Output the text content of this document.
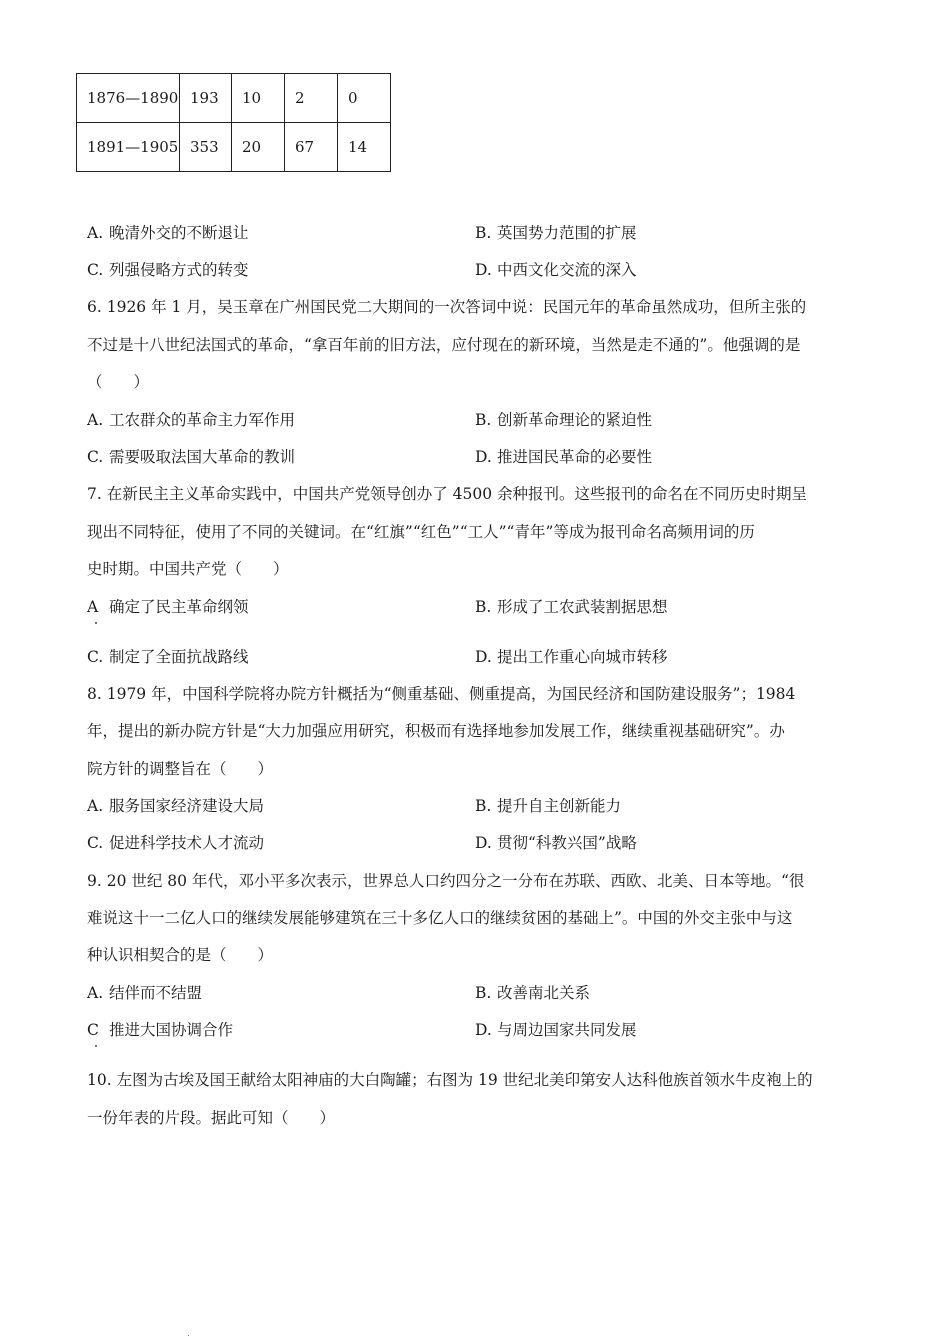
1876—1890	193	10	2	0
1891—1905	353	20	67	14
A. 晚清外交的不断退让	B. 英国势力范围的扩展
C. 列强侵略方式的转变	D. 中西文化交流的深入
6. 1926 年 1 月，吴玉章在广州国民党二大期间的一次答词中说：民国元年的革命虽然成功，但所主张的
不过是十八世纪法国式的革命，“拿百年前的旧方法，应付现在的新环境，当然是走不通的”。他强调的是
（　　）
A. 工农群众的革命主力军作用	B. 创新革命理论的紧迫性
C. 需要吸取法国大革命的教训	D. 推进国民革命的必要性
7. 在新民主主义革命实践中，中国共产党领导创办了 4500 余种报刊。这些报刊的命名在不同历史时期呈
现出不同特征，使用了不同的关键词。在“红旗”“红色”“工人”“青年”等成为报刊命名高频用词的历
史时期。中国共产党（　　）
A 确定了民主革命纲领	B. 形成了工农武装割据思想
C. 制定了全面抗战路线	D. 提出工作重心向城市转移
8. 1979 年，中国科学院将办院方针概括为“侧重基础、侧重提高，为国民经济和国防建设服务”；1984
年，提出的新办院方针是“大力加强应用研究，积极而有选择地参加发展工作，继续重视基础研究”。办
院方针的调整旨在（　　）
A. 服务国家经济建设大局	B. 提升自主创新能力
C. 促进科学技术人才流动	D. 贯彻“科教兴国”战略
9. 20 世纪 80 年代，邓小平多次表示，世界总人口约四分之一分布在苏联、西欧、北美、日本等地。“很
难说这十一二亿人口的继续发展能够建筑在三十多亿人口的继续贫困的基础上”。中国的外交主张中与这
种认识相契合的是（　　）
A. 结伴而不结盟	B. 改善南北关系
C 推进大国协调合作	D. 与周边国家共同发展
10. 左图为古埃及国王献给太阳神庙的大白陶罐；右图为 19 世纪北美印第安人达科他族首领水牛皮袍上的
一份年表的片段。据此可知（　　）
